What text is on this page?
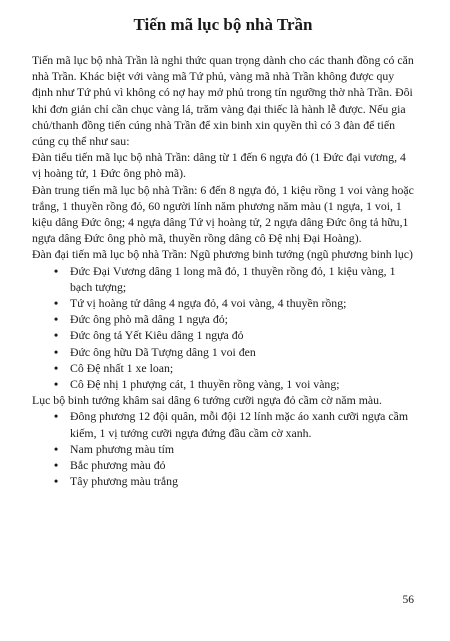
Tiến mã lục bộ nhà Trần

Tiến mã lục bộ nhà Trần là nghi thức quan trọng dành cho các thanh đồng có căn nhà Trần. Khác biệt với vàng mã Tứ phủ, vàng mã nhà Trần không được quy định như Tứ phủ vì không có nợ hay mở phủ trong tín ngưỡng thờ nhà Trần. Đôi khi đơn giản chỉ cần chục vàng lá, trăm vàng đại thiếc là hành lễ được. Nếu gia chủ/thanh đồng tiến cúng nhà Trần để xin binh xin quyền thì có 3 đàn để tiến cúng cụ thể như sau:

Đàn tiểu tiến mã lục bộ nhà Trần: dâng từ 1 đến 6 ngựa đỏ (1 Đức đại vương, 4 vị hoàng tử, 1 Đức ông phò mã).

Đàn trung tiến mã lục bộ nhà Trần: 6 đến 8 ngựa đỏ, 1 kiệu rồng 1 voi vàng hoặc trắng, 1 thuyền rồng đỏ, 60 người lính năm phương năm màu (1 ngựa, 1 voi, 1 kiệu dâng Đức ông; 4 ngựa dâng Tứ vị hoàng tử, 2 ngựa dâng Đức ông tả hữu,1 ngựa dâng Đức ông phò mã, thuyền rồng dâng cô Đệ nhị Đại Hoàng).

Đàn đại tiến mã lục bộ nhà Trần: Ngũ phương binh tướng (ngũ phương binh lục)

• Đức Đại Vương dâng 1 long mã đỏ, 1 thuyền rồng đỏ, 1 kiệu vàng, 1 bạch tượng;
• Tứ vị hoàng tử dâng 4 ngựa đỏ, 4 voi vàng, 4 thuyền rồng;
• Đức ông phò mã dâng 1 ngựa đỏ;
• Đức ông tả Yết Kiêu dâng 1 ngựa đỏ
• Đức ông hữu Dã Tượng dâng 1 voi đen
• Cô Đệ nhất 1 xe loan;
• Cô Đệ nhị 1 phượng cát, 1 thuyền rồng vàng, 1 voi vàng;

Lục bộ binh tướng khâm sai dâng 6 tướng cưỡi ngựa đỏ cầm cờ năm màu.

• Đông phương 12 đội quân, mỗi đội 12 lính mặc áo xanh cưỡi ngựa cầm kiếm, 1 vị tướng cưỡi ngựa đứng đầu cầm cờ xanh.
• Nam phương màu tím
• Bắc phương màu đỏ
• Tây phương màu trắng
56
